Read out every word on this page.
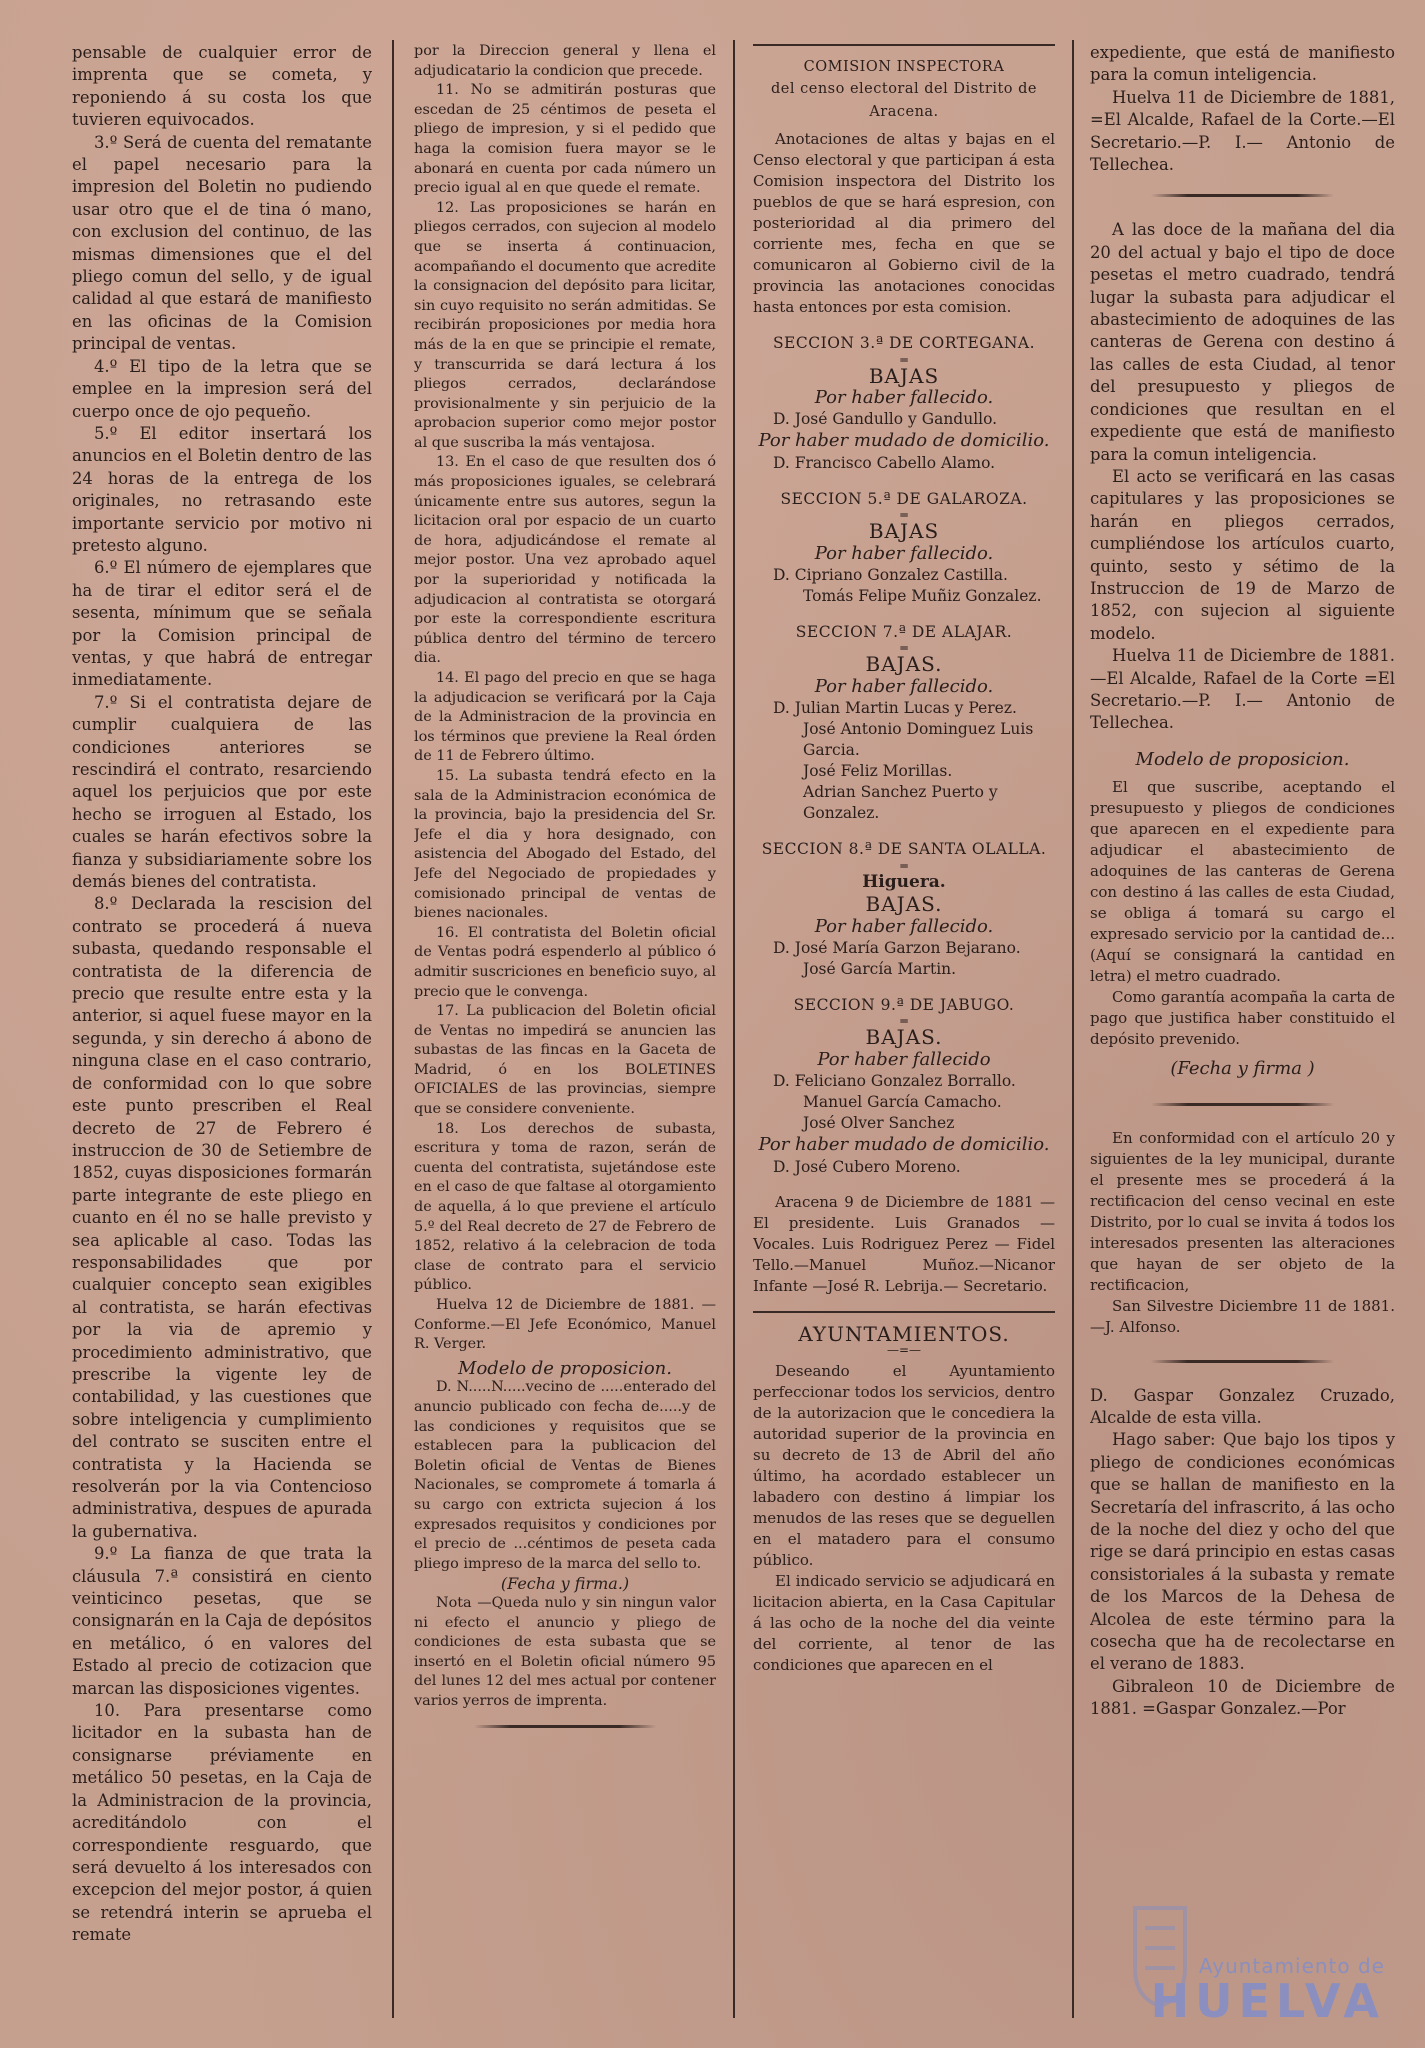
pensable de cualquier error de imprenta que se cometa, y reponiendo á su costa los que tuvieren equivocados.

3.º Será de cuenta del rematante el papel necesario para la impresion del Boletin no pudiendo usar otro que el de tina ó mano, con exclusion del continuo, de las mismas dimensiones que el del pliego comun del sello, y de igual calidad al que estará de manifiesto en las oficinas de la Comision principal de ventas.

4.º El tipo de la letra que se emplee en la impresion será del cuerpo once de ojo pequeño.

5.º El editor insertará los anuncios en el Boletin dentro de las 24 horas de la entrega de los originales, no retrasando este importante servicio por motivo ni pretesto alguno.

6.º El número de ejemplares que ha de tirar el editor será el de sesenta, mínimum que se señala por la Comision principal de ventas, y que habrá de entregar inmediatamente.

7.º Si el contratista dejare de cumplir cualquiera de las condiciones anteriores se rescindirá el contrato, resarciendo aquel los perjuicios que por este hecho se irroguen al Estado, los cuales se harán efectivos sobre la fianza y subsidiariamente sobre los demás bienes del contratista.

8.º Declarada la rescision del contrato se procederá á nueva subasta, quedando responsable el contratista de la diferencia de precio que resulte entre esta y la anterior, si aquel fuese mayor en la segunda, y sin derecho á abono de ninguna clase en el caso contrario, de conformidad con lo que sobre este punto prescriben el Real decreto de 27 de Febrero é instruccion de 30 de Setiembre de 1852, cuyas disposiciones formarán parte integrante de este pliego en cuanto en él no se halle previsto y sea aplicable al caso. Todas las responsabilidades que por cualquier concepto sean exigibles al contratista, se harán efectivas por la via de apremio y procedimiento administrativo, que prescribe la vigente ley de contabilidad, y las cuestiones que sobre inteligencia y cumplimiento del contrato se susciten entre el contratista y la Hacienda se resolverán por la via Contencioso administrativa, despues de apurada la gubernativa.

9.º La fianza de que trata la cláusula 7.ª consistirá en ciento veinticinco pesetas, que se consignarán en la Caja de depósitos en metálico, ó en valores del Estado al precio de cotizacion que marcan las disposiciones vigentes.

10. Para presentarse como licitador en la subasta han de consignarse préviamente en metálico 50 pesetas, en la Caja de la Administracion de la provincia, acreditándolo con el correspondiente resguardo, que será devuelto á los interesados con excepcion del mejor postor, á quien se retendrá interin se aprueba el remate

por la Direccion general y llena el adjudicatario la condicion que precede.

11. No se admitirán posturas que escedan de 25 céntimos de peseta el pliego de impresion, y si el pedido que haga la comision fuera mayor se le abonará en cuenta por cada número un precio igual al en que quede el remate.

12. Las proposiciones se harán en pliegos cerrados, con sujecion al modelo que se inserta á continuacion, acompañando el documento que acredite la consignacion del depósito para licitar, sin cuyo requisito no serán admitidas. Se recibirán proposiciones por media hora más de la en que se principie el remate, y transcurrida se dará lectura á los pliegos cerrados, declarándose provisionalmente y sin perjuicio de la aprobacion superior como mejor postor al que suscriba la más ventajosa.

13. En el caso de que resulten dos ó más proposiciones iguales, se celebrará únicamente entre sus autores, segun la licitacion oral por espacio de un cuarto de hora, adjudicándose el remate al mejor postor. Una vez aprobado aquel por la superioridad y notificada la adjudicacion al contratista se otorgará por este la correspondiente escritura pública dentro del término de tercero dia.

14. El pago del precio en que se haga la adjudicacion se verificará por la Caja de la Administracion de la provincia en los términos que previene la Real órden de 11 de Febrero último.

15. La subasta tendrá efecto en la sala de la Administracion económica de la provincia, bajo la presidencia del Sr. Jefe el dia y hora designado, con asistencia del Abogado del Estado, del Jefe del Negociado de propiedades y comisionado principal de ventas de bienes nacionales.

16. El contratista del Boletin oficial de Ventas podrá espenderlo al público ó admitir suscriciones en beneficio suyo, al precio que le convenga.

17. La publicacion del Boletin oficial de Ventas no impedirá se anuncien las subastas de las fincas en la Gaceta de Madrid, ó en los BOLETINES OFICIALES de las provincias, siempre que se considere conveniente.

18. Los derechos de subasta, escritura y toma de razon, serán de cuenta del contratista, sujetándose este en el caso de que faltase al otorgamiento de aquella, á lo que previene el artículo 5.º del Real decreto de 27 de Febrero de 1852, relativo á la celebracion de toda clase de contrato para el servicio público.

Huelva 12 de Diciembre de 1881. —Conforme.—El Jefe Económico, Manuel R. Verger.

Modelo de proposicion.

D. N.....N.....vecino de .....enterado del anuncio publicado con fecha de.....y de las condiciones y requisitos que se establecen para la publicacion del Boletin oficial de Ventas de Bienes Nacionales, se compromete á tomarla á su cargo con extricta sujecion á los expresados requisitos y condiciones por el precio de ...céntimos de peseta cada pliego impreso de la marca del sello to.

(Fecha y firma.)

Nota —Queda nulo y sin ningun valor ni efecto el anuncio y pliego de condiciones de esta subasta que se insertó en el Boletin oficial número 95 del lunes 12 del mes actual por contener varios yerros de imprenta.

COMISION INSPECTORA

del censo electoral del Distrito de Aracena.

Anotaciones de altas y bajas en el Censo electoral y que participan á esta Comision inspectora del Distrito los pueblos de que se hará espresion, con posterioridad al dia primero del corriente mes, fecha en que se comunicaron al Gobierno civil de la provincia las anotaciones conocidas hasta entonces por esta comision.

SECCION 3.ª DE CORTEGANA.

═

BAJAS

Por haber fallecido.

D. José Gandullo y Gandullo.

Por haber mudado de domicilio.

D. Francisco Cabello Alamo.

SECCION 5.ª DE GALAROZA.

═

BAJAS

Por haber fallecido.

D. Cipriano Gonzalez Castilla.

Tomás Felipe Muñiz Gonzalez.

SECCION 7.ª DE ALAJAR.

═

BAJAS.

Por haber fallecido.

D. Julian Martin Lucas y Perez.

José Antonio Dominguez Luis Garcia.

José Feliz Morillas.

Adrian Sanchez Puerto y Gonzalez.

SECCION 8.ª DE SANTA OLALLA.

═

Higuera.

BAJAS.

Por haber fallecido.

D. José María Garzon Bejarano.

José García Martin.

SECCION 9.ª DE JABUGO.

═

BAJAS.

Por haber fallecido

D. Feliciano Gonzalez Borrallo.

Manuel García Camacho.

José Olver Sanchez

Por haber mudado de domicilio.

D. José Cubero Moreno.

Aracena 9 de Diciembre de 1881 —El presidente. Luis Granados — Vocales. Luis Rodriguez Perez — Fidel Tello.—Manuel Muñoz.—Nicanor Infante —José R. Lebrija.— Secretario.

AYUNTAMIENTOS.

—=—

Deseando el Ayuntamiento perfeccionar todos los servicios, dentro de la autorizacion que le concediera la autoridad superior de la provincia en su decreto de 13 de Abril del año último, ha acordado establecer un labadero con destino á limpiar los menudos de las reses que se deguellen en el matadero para el consumo público.

El indicado servicio se adjudicará en licitacion abierta, en la Casa Capitular á las ocho de la noche del dia veinte del corriente, al tenor de las condiciones que aparecen en el

expediente, que está de manifiesto para la comun inteligencia.

Huelva 11 de Diciembre de 1881, =El Alcalde, Rafael de la Corte.—El Secretario.—P. I.— Antonio de Tellechea.

A las doce de la mañana del dia 20 del actual y bajo el tipo de doce pesetas el metro cuadrado, tendrá lugar la subasta para adjudicar el abastecimiento de adoquines de las canteras de Gerena con destino á las calles de esta Ciudad, al tenor del presupuesto y pliegos de condiciones que resultan en el expediente que está de manifiesto para la comun inteligencia.

El acto se verificará en las casas capitulares y las proposiciones se harán en pliegos cerrados, cumpliéndose los artículos cuarto, quinto, sesto y sétimo de la Instruccion de 19 de Marzo de 1852, con sujecion al siguiente modelo.

Huelva 11 de Diciembre de 1881. —El Alcalde, Rafael de la Corte =El Secretario.—P. I.— Antonio de Tellechea.

Modelo de proposicion.

El que suscribe, aceptando el presupuesto y pliegos de condiciones que aparecen en el expediente para adjudicar el abastecimiento de adoquines de las canteras de Gerena con destino á las calles de esta Ciudad, se obliga á tomará su cargo el expresado servicio por la cantidad de...(Aquí se consignará la cantidad en letra) el metro cuadrado.

Como garantía acompaña la carta de pago que justifica haber constituido el depósito prevenido.

(Fecha y firma )

En conformidad con el artículo 20 y siguientes de la ley municipal, durante el presente mes se procederá á la rectificacion del censo vecinal en este Distrito, por lo cual se invita á todos los interesados presenten las alteraciones que hayan de ser objeto de la rectificacion,

San Silvestre Diciembre 11 de 1881.—J. Alfonso.

D. Gaspar Gonzalez Cruzado, Alcalde de esta villa.

Hago saber: Que bajo los tipos y pliego de condiciones económicas que se hallan de manifiesto en la Secretaría del infrascrito, á las ocho de la noche del diez y ocho del que rige se dará principio en estas casas consistoriales á la subasta y remate de los Marcos de la Dehesa de Alcolea de este término para la cosecha que ha de recolectarse en el verano de 1883.

Gibraleon 10 de Diciembre de 1881. =Gaspar Gonzalez.—Por

Ayuntamiento de
HUELVA
